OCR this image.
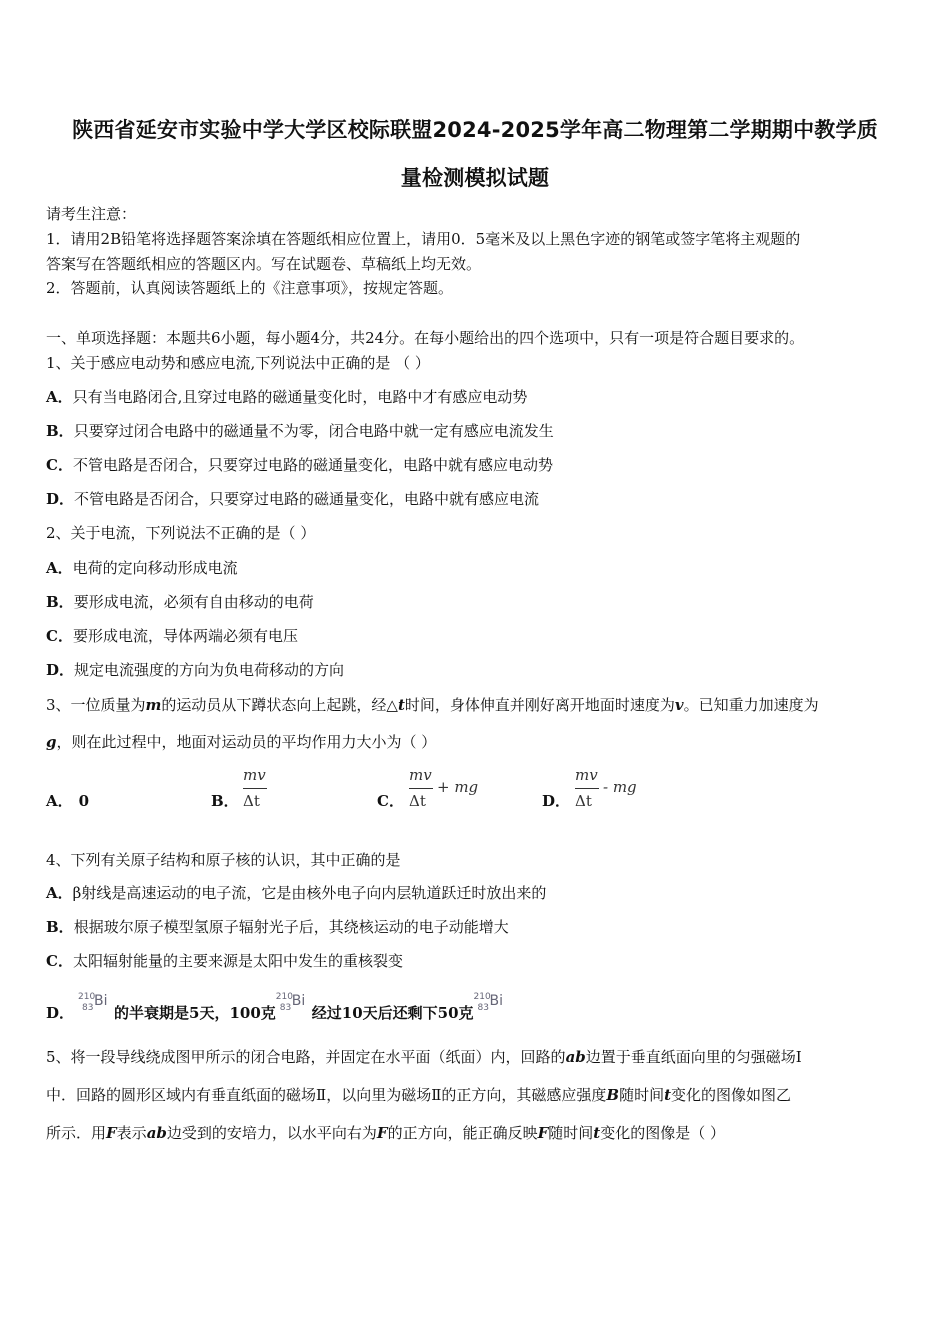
陕西省延安市实验中学大学区校际联盟2024-2025学年高二物理第二学期期中教学质
量检测模拟试题
请考生注意：
1．请用2B铅笔将选择题答案涂填在答题纸相应位置上，请用0．5毫米及以上黑色字迹的钢笔或签字笔将主观题的
答案写在答题纸相应的答题区内。写在试题卷、草稿纸上均无效。
2．答题前，认真阅读答题纸上的《注意事项》，按规定答题。
一、单项选择题：本题共6小题，每小题4分，共24分。在每小题给出的四个选项中，只有一项是符合题目要求的。
1、关于感应电动势和感应电流,下列说法中正确的是 （ ）
A．只有当电路闭合,且穿过电路的磁通量变化时，电路中才有感应电动势
B．只要穿过闭合电路中的磁通量不为零，闭合电路中就一定有感应电流发生
C．不管电路是否闭合，只要穿过电路的磁通量变化，电路中就有感应电动势
D．不管电路是否闭合，只要穿过电路的磁通量变化，电路中就有感应电流
2、关于电流，下列说法不正确的是（ ）
A．电荷的定向移动形成电流
B．要形成电流，必须有自由移动的电荷
C．要形成电流，导体两端必须有电压
D．规定电流强度的方向为负电荷移动的方向
3、一位质量为m的运动员从下蹲状态向上起跳，经△t时间，身体伸直并刚好离开地面时速度为v。已知重力加速度为
g，则在此过程中，地面对运动员的平均作用力大小为（ ）
A． 0	B．
mv
Δt	C．
mv
Δt
+ mg
D．
mv
Δt
- mg
4、下列有关原子结构和原子核的认识，其中正确的是
A．β射线是高速运动的电子流，它是由核外电子向内层轨道跃迁时放出来的
B．根据玻尔原子模型氢原子辐射光子后，其绕核运动的电子动能增大
C．太阳辐射能量的主要来源是太阳中发生的重核裂变
D．
210
83 Bi
的半衰期是5天，100克
210
83 Bi
经过10天后还剩下50克
210
83 Bi
5、将一段导线绕成图甲所示的闭合电路，并固定在水平面（纸面）内，回路的ab边置于垂直纸面向里的匀强磁场Ⅰ
中．回路的圆形区域内有垂直纸面的磁场Ⅱ，以向里为磁场Ⅱ的正方向，其磁感应强度B随时间t变化的图像如图乙
所示．用F表示ab边受到的安培力，以水平向右为F的正方向，能正确反映F随时间t变化的图像是（ ）
